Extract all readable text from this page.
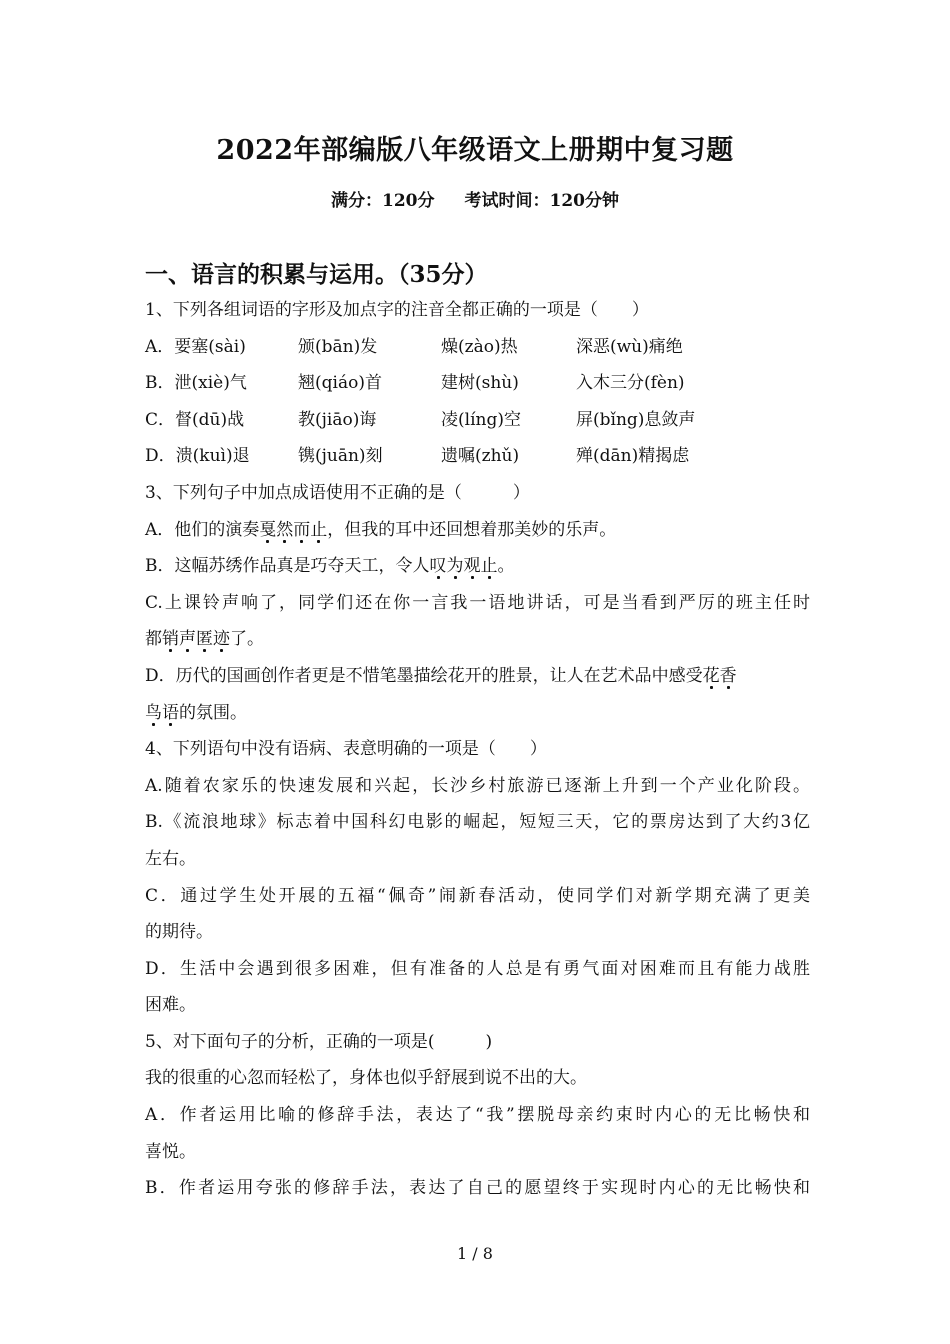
2022年部编版八年级语文上册期中复习题
满分：120分 考试时间：120分钟
一、语言的积累与运用。（35分）
1、下列各组词语的字形及加点字的注音全都正确的一项是（　　）
A．要塞(sài)	颁(bān)发	燥(zào)热	深恶(wù)痛绝
B．泄(xiè)气	翘(qiáo)首	建树(shù)	入木三分(fèn)
C．督(dū)战	教(jiāo)诲	凌(líng)空	屏(bǐng)息敛声
D．溃(kuì)退	镌(juān)刻	遗嘱(zhǔ)	殚(dān)精揭虑
3、下列句子中加点成语使用不正确的是（　　　）
A．他们的演奏戛然而止，但我的耳中还回想着那美妙的乐声。
B．这幅苏绣作品真是巧夺天工，令人叹为观止。
C.上课铃声响了，同学们还在你一言我一语地讲话，可是当看到严厉的班主任时
都销声匿迹了。
D．历代的国画创作者更是不惜笔墨描绘花开的胜景，让人在艺术品中感受花香
鸟语的氛围。
4、下列语句中没有语病、表意明确的一项是（　　）
A.随着农家乐的快速发展和兴起，长沙乡村旅游已逐渐上升到一个产业化阶段。
B.《流浪地球》标志着中国科幻电影的崛起，短短三天，它的票房达到了大约3亿
左右。
C．通过学生处开展的五福“佩奇”闹新春活动，使同学们对新学期充满了更美
的期待。
D．生活中会遇到很多困难，但有准备的人总是有勇气面对困难而且有能力战胜
困难。
5、对下面句子的分析，正确的一项是(　　　)
我的很重的心忽而轻松了，身体也似乎舒展到说不出的大。
A．作者运用比喻的修辞手法，表达了“我”摆脱母亲约束时内心的无比畅快和
喜悦。
B．作者运用夸张的修辞手法，表达了自己的愿望终于实现时内心的无比畅快和
1 / 8
